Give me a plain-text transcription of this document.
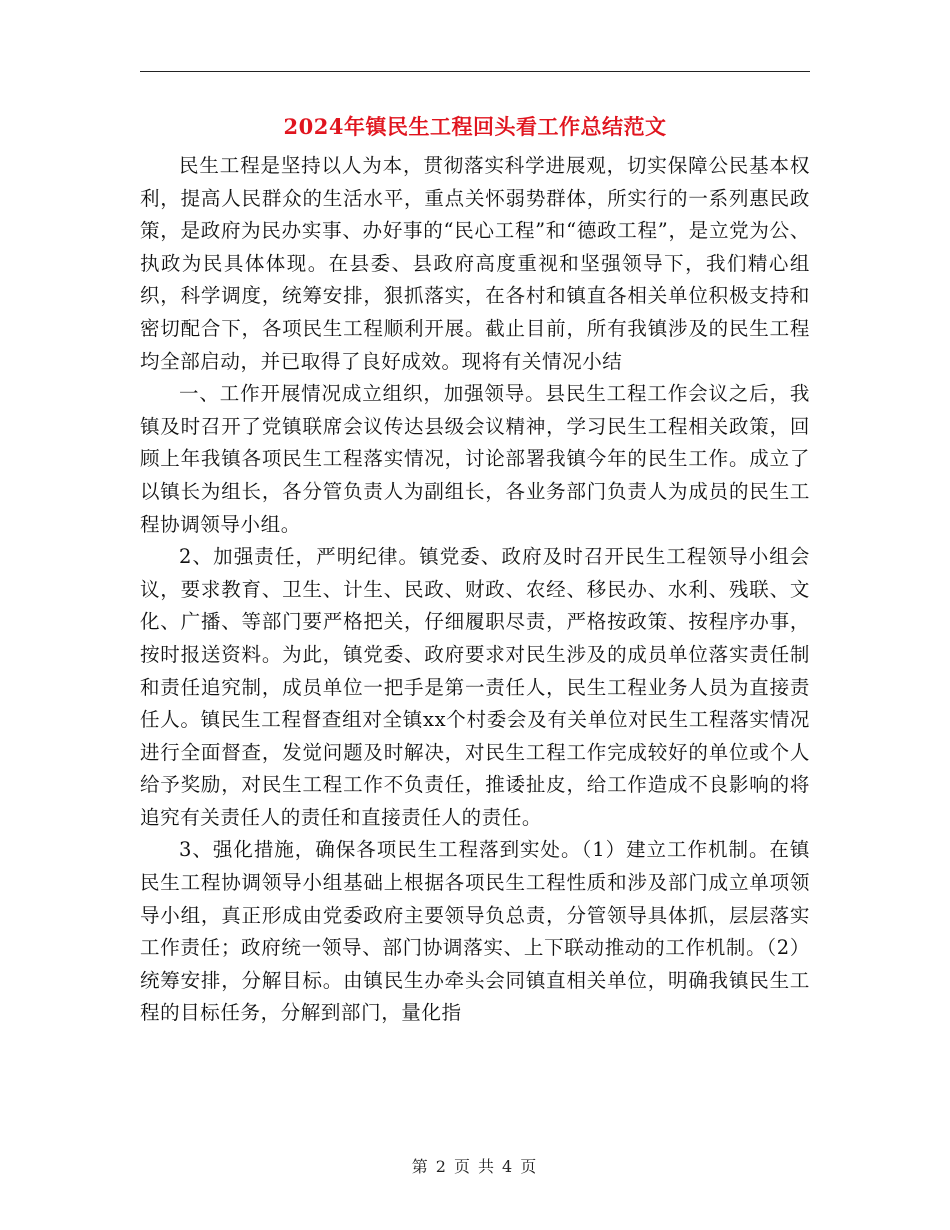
2024年镇民生工程回头看工作总结范文

民生工程是坚持以人为本，贯彻落实科学进展观，切实保障公民基本权利，提高人民群众的生活水平，重点关怀弱势群体，所实行的一系列惠民政策，是政府为民办实事、办好事的“民心工程”和“德政工程”，是立党为公、执政为民具体体现。在县委、县政府高度重视和坚强领导下，我们精心组织，科学调度，统筹安排，狠抓落实，在各村和镇直各相关单位积极支持和密切配合下，各项民生工程顺利开展。截止目前，所有我镇涉及的民生工程均全部启动，并已取得了良好成效。现将有关情况小结

一、工作开展情况成立组织，加强领导。县民生工程工作会议之后，我镇及时召开了党镇联席会议传达县级会议精神，学习民生工程相关政策，回顾上年我镇各项民生工程落实情况，讨论部署我镇今年的民生工作。成立了以镇长为组长，各分管负责人为副组长，各业务部门负责人为成员的民生工程协调领导小组。

2、加强责任，严明纪律。镇党委、政府及时召开民生工程领导小组会议，要求教育、卫生、计生、民政、财政、农经、移民办、水利、残联、文化、广播、等部门要严格把关，仔细履职尽责，严格按政策、按程序办事，按时报送资料。为此，镇党委、政府要求对民生涉及的成员单位落实责任制和责任追究制，成员单位一把手是第一责任人，民生工程业务人员为直接责任人。镇民生工程督查组对全镇xx个村委会及有关单位对民生工程落实情况进行全面督查，发觉问题及时解决，对民生工程工作完成较好的单位或个人给予奖励，对民生工程工作不负责任，推诿扯皮，给工作造成不良影响的将追究有关责任人的责任和直接责任人的责任。

3、强化措施，确保各项民生工程落到实处。（1）建立工作机制。在镇民生工程协调领导小组基础上根据各项民生工程性质和涉及部门成立单项领导小组，真正形成由党委政府主要领导负总责，分管领导具体抓，层层落实工作责任；政府统一领导、部门协调落实、上下联动推动的工作机制。（2）统筹安排，分解目标。由镇民生办牵头会同镇直相关单位，明确我镇民生工程的目标任务，分解到部门，量化指

第 2 页 共 4 页
